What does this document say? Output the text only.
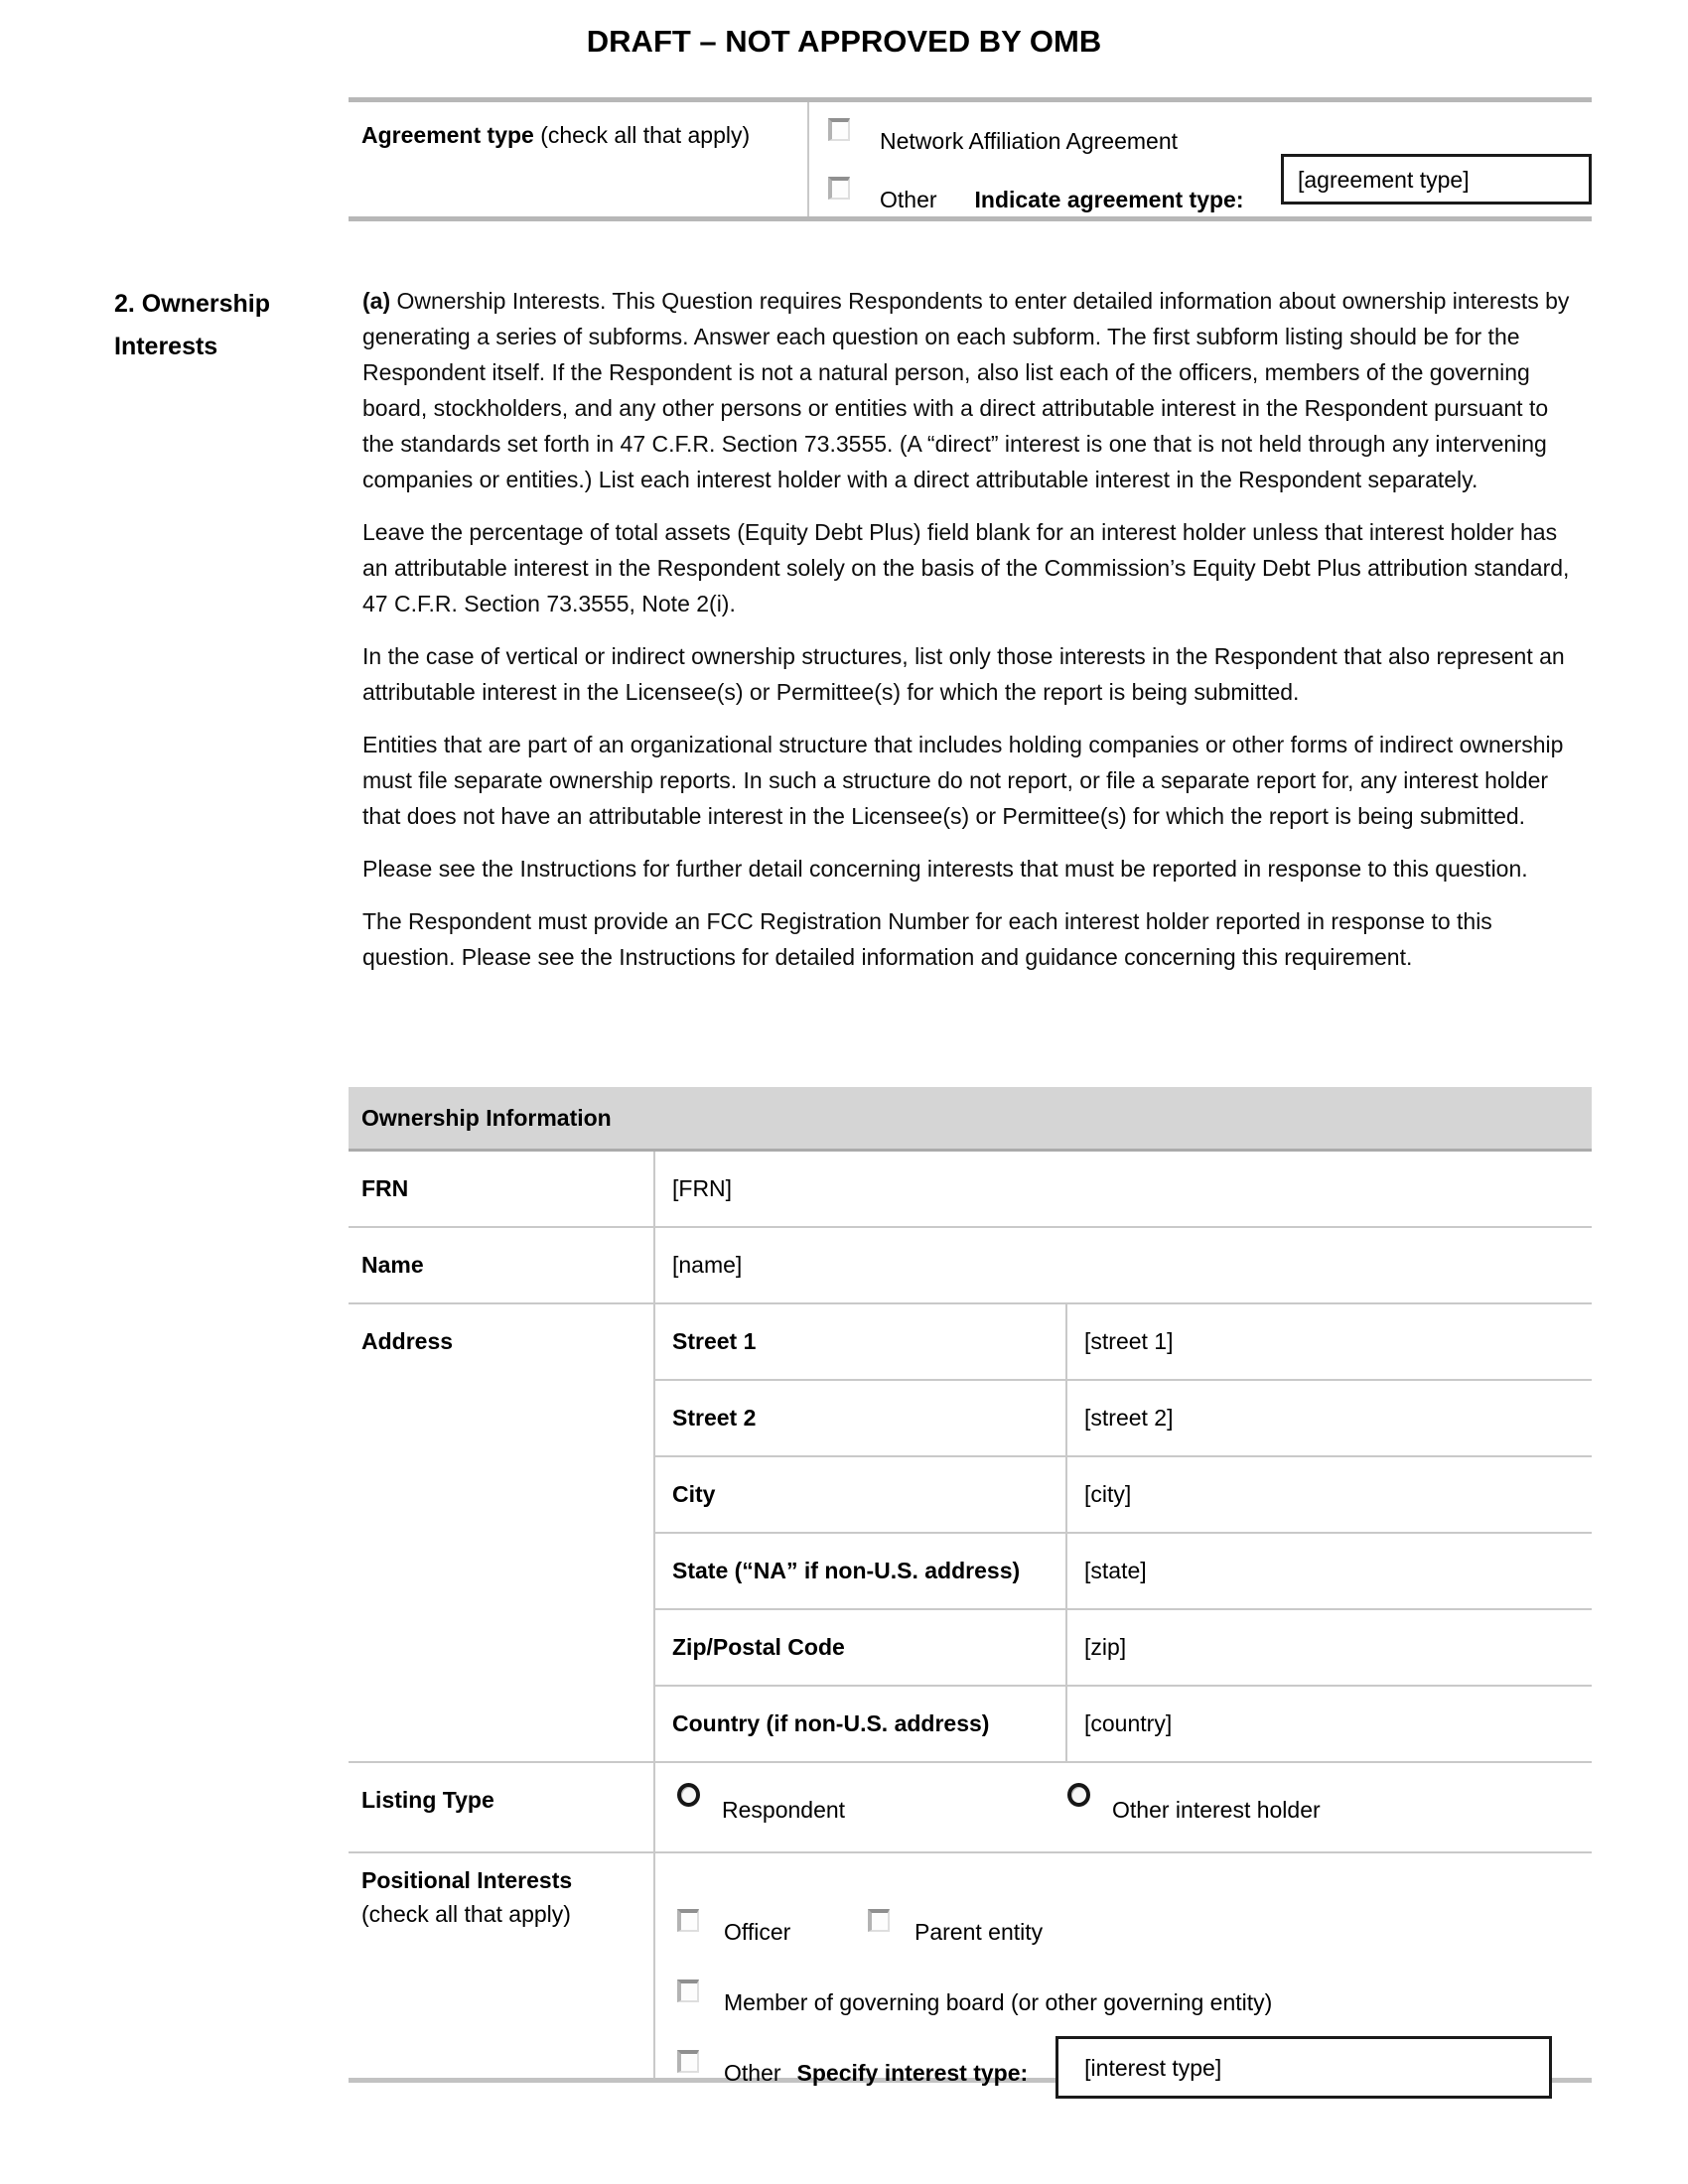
DRAFT – NOT APPROVED BY OMB
Agreement type (check all that apply)	Network Affiliation Agreement
Other Indicate agreement type:
[agreement type]
2. Ownership
Interests

(a) Ownership Interests. This Question requires Respondents to enter detailed information about ownership interests by generating a series of subforms. Answer each question on each subform. The first subform listing should be for the Respondent itself. If the Respondent is not a natural person, also list each of the officers, members of the governing board, stockholders, and any other persons or entities with a direct attributable interest in the Respondent pursuant to the standards set forth in 47 C.F.R. Section 73.3555. (A “direct” interest is one that is not held through any intervening companies or entities.) List each interest holder with a direct attributable interest in the Respondent separately.

Leave the percentage of total assets (Equity Debt Plus) field blank for an interest holder unless that interest holder has an attributable interest in the Respondent solely on the basis of the Commission’s Equity Debt Plus attribution standard, 47 C.F.R. Section 73.3555, Note 2(i).

In the case of vertical or indirect ownership structures, list only those interests in the Respondent that also represent an attributable interest in the Licensee(s) or Permittee(s) for which the report is being submitted.

Entities that are part of an organizational structure that includes holding companies or other forms of indirect ownership must file separate ownership reports. In such a structure do not report, or file a separate report for, any interest holder that does not have an attributable interest in the Licensee(s) or Permittee(s) for which the report is being submitted.

Please see the Instructions for further detail concerning interests that must be reported in response to this question.

The Respondent must provide an FCC Registration Number for each interest holder reported in response to this question. Please see the Instructions for detailed information and guidance concerning this requirement.

Ownership Information
FRN	[FRN]
Name	[name]
Address	Street 1	[street 1]
Street 2	[street 2]
City	[city]
State (“NA” if non-U.S. address)	[state]
Zip/Postal Code	[zip]
Country (if non-U.S. address)	[country]
Listing Type	Respondent	Other interest holder
Positional Interests
(check all that apply)
Officer	Parent entity
Member of governing board (or other governing entity)
Other Specify interest type:	[interest type]
